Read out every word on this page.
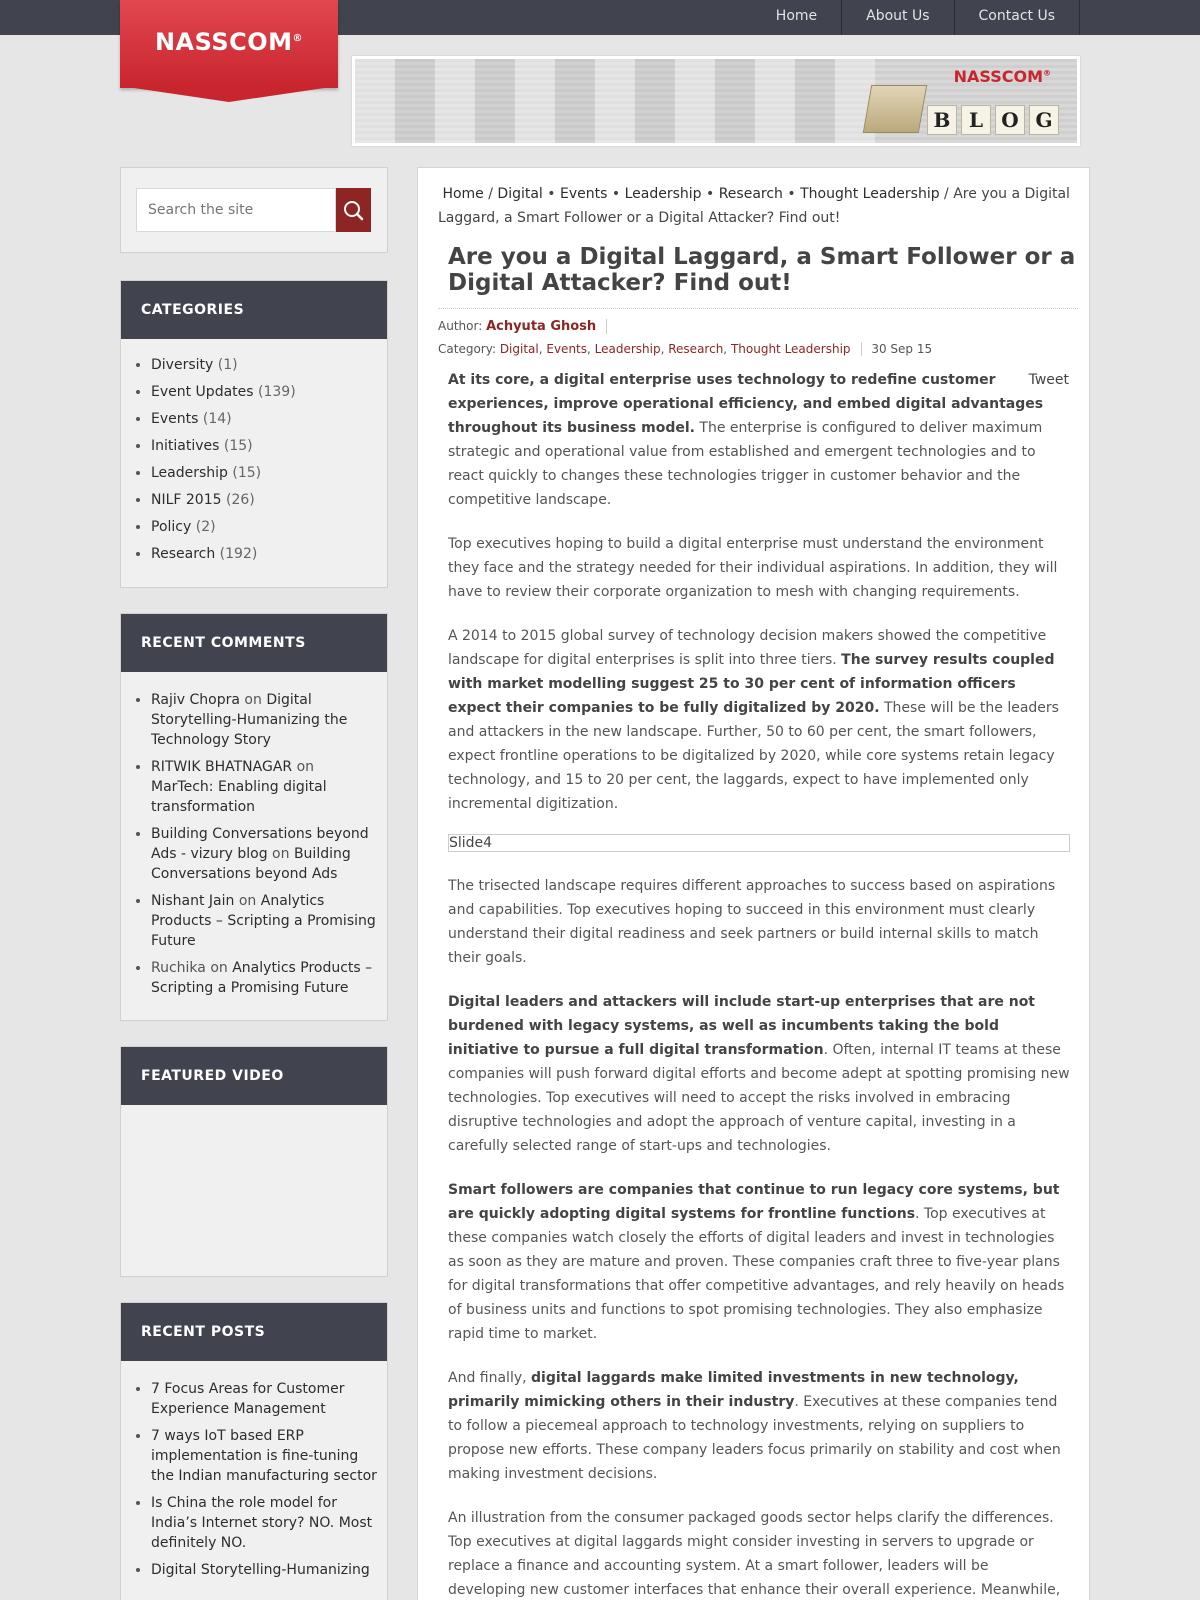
Home	About Us	Contact Us
NASSCOM®
NASSCOM®
B L O G
Search the site
CATEGORIES
• Diversity (1)
• Event Updates (139)
• Events (14)
• Initiatives (15)
• Leadership (15)
• NILF 2015 (26)
• Policy (2)
• Research (192)
RECENT COMMENTS
• Rajiv Chopra on Digital Storytelling-Humanizing the Technology Story
• RITWIK BHATNAGAR on MarTech: Enabling digital transformation
• Building Conversations beyond Ads - vizury blog on Building Conversations beyond Ads
• Nishant Jain on Analytics Products – Scripting a Promising Future
• Ruchika on Analytics Products – Scripting a Promising Future
FEATURED VIDEO
RECENT POSTS
• 7 Focus Areas for Customer Experience Management
• 7 ways IoT based ERP implementation is fine-tuning the Indian manufacturing sector
• Is China the role model for India’s Internet story? NO. Most definitely NO.
• Digital Storytelling-Humanizing
Home / Digital • Events • Leadership • Research • Thought Leadership / Are you a Digital Laggard, a Smart Follower or a Digital Attacker? Find out!
Are you a Digital Laggard, a Smart Follower or a Digital Attacker? Find out!
Author: Achyuta Ghosh
Category: Digital, Events, Leadership, Research, Thought Leadership 30 Sep 15

At its core, a digital enterprise uses technology to redefine customer experiences, improve operational efficiency, and embed digital advantages throughout its business model. The enterprise is configured to deliver maximum strategic and operational value from established and emergent technologies and to react quickly to changes these technologies trigger in customer behavior and the competitive landscape.

Top executives hoping to build a digital enterprise must understand the environment they face and the strategy needed for their individual aspirations. In addition, they will have to review their corporate organization to mesh with changing requirements.

A 2014 to 2015 global survey of technology decision makers showed the competitive landscape for digital enterprises is split into three tiers. The survey results coupled with market modelling suggest 25 to 30 per cent of information officers expect their companies to be fully digitalized by 2020. These will be the leaders and attackers in the new landscape. Further, 50 to 60 per cent, the smart followers, expect frontline operations to be digitalized by 2020, while core systems retain legacy technology, and 15 to 20 per cent, the laggards, expect to have implemented only incremental digitization.

Slide4

The trisected landscape requires different approaches to success based on aspirations and capabilities. Top executives hoping to succeed in this environment must clearly understand their digital readiness and seek partners or build internal skills to match their goals.

Digital leaders and attackers will include start-up enterprises that are not burdened with legacy systems, as well as incumbents taking the bold initiative to pursue a full digital transformation. Often, internal IT teams at these companies will push forward digital efforts and become adept at spotting promising new technologies. Top executives will need to accept the risks involved in embracing disruptive technologies and adopt the approach of venture capital, investing in a carefully selected range of start-ups and technologies.

Smart followers are companies that continue to run legacy core systems, but are quickly adopting digital systems for frontline functions. Top executives at these companies watch closely the efforts of digital leaders and invest in technologies as soon as they are mature and proven. These companies craft three to five-year plans for digital transformations that offer competitive advantages, and rely heavily on heads of business units and functions to spot promising technologies. They also emphasize rapid time to market.

And finally, digital laggards make limited investments in new technology, primarily mimicking others in their industry. Executives at these companies tend to follow a piecemeal approach to technology investments, relying on suppliers to propose new efforts. These company leaders focus primarily on stability and cost when making investment decisions.

An illustration from the consumer packaged goods sector helps clarify the differences. Top executives at digital laggards might consider investing in servers to upgrade or replace a finance and accounting system. At a smart follower, leaders will be developing new customer interfaces that enhance their overall experience. Meanwhile,

Tweet
